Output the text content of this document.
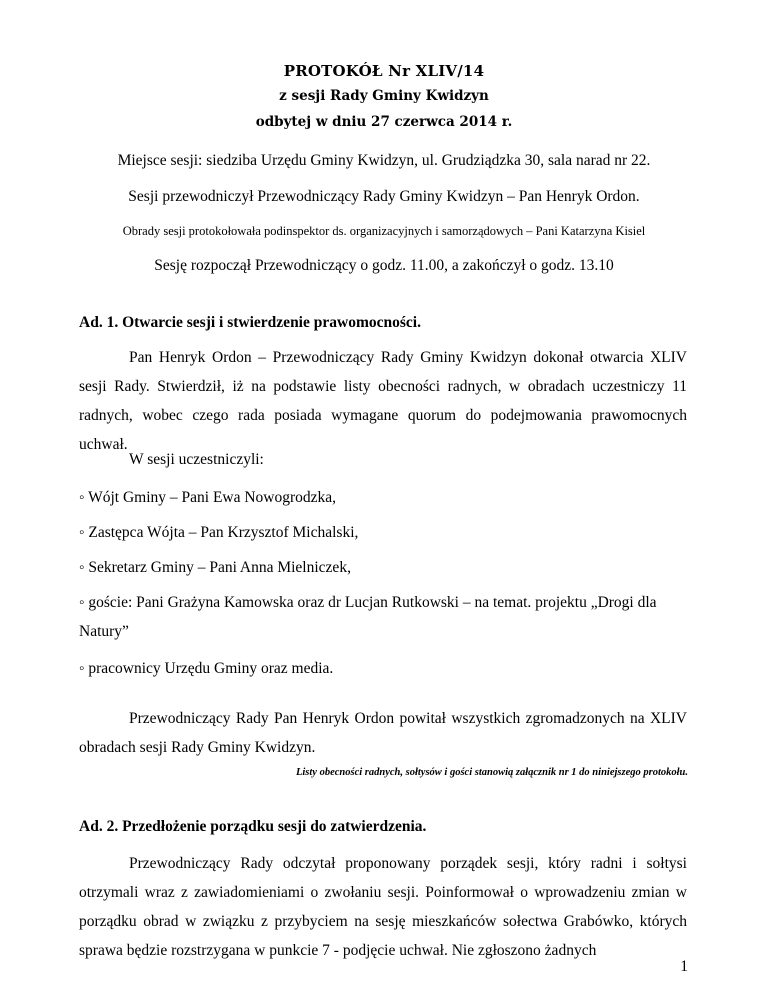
PROTOKÓŁ Nr XLIV/14
z sesji Rady Gminy Kwidzyn
odbytej w dniu 27 czerwca 2014 r.
Miejsce sesji: siedziba Urzędu Gminy Kwidzyn, ul. Grudziądzka 30, sala narad nr 22.
Sesji przewodniczył Przewodniczący Rady Gminy Kwidzyn – Pan Henryk Ordon.
Obrady sesji protokołowała podinspektor ds. organizacyjnych i samorządowych – Pani Katarzyna Kisiel
Sesję rozpoczął Przewodniczący o godz. 11.00, a zakończył o godz. 13.10
Ad. 1. Otwarcie sesji i stwierdzenie prawomocności.
Pan Henryk Ordon – Przewodniczący Rady Gminy Kwidzyn dokonał otwarcia XLIV sesji Rady. Stwierdził, iż na podstawie listy obecności radnych, w obradach uczestniczy 11 radnych, wobec czego rada posiada wymagane quorum do podejmowania prawomocnych uchwał.
W sesji uczestniczyli:
◦ Wójt Gminy – Pani Ewa Nowogrodzka,
◦ Zastępca Wójta – Pan Krzysztof Michalski,
◦ Sekretarz Gminy – Pani Anna Mielniczek,
◦ goście: Pani Grażyna Kamowska oraz dr Lucjan Rutkowski – na temat. projektu „Drogi dla Natury”
◦ pracownicy Urzędu Gminy oraz media.
Przewodniczący Rady Pan Henryk Ordon powitał wszystkich zgromadzonych na XLIV obradach sesji Rady Gminy Kwidzyn.
Listy obecności radnych, sołtysów i gości stanowią załącznik nr 1 do niniejszego protokołu.
Ad. 2. Przedłożenie porządku sesji do zatwierdzenia.
Przewodniczący Rady odczytał proponowany porządek sesji, który radni i sołtysi otrzymali wraz z zawiadomieniami o zwołaniu sesji. Poinformował o wprowadzeniu zmian w porządku obrad w związku z przybyciem na sesję mieszkańców sołectwa Grabówko, których sprawa będzie rozstrzygana w punkcie 7 - podjęcie uchwał. Nie zgłoszono żadnych
1
